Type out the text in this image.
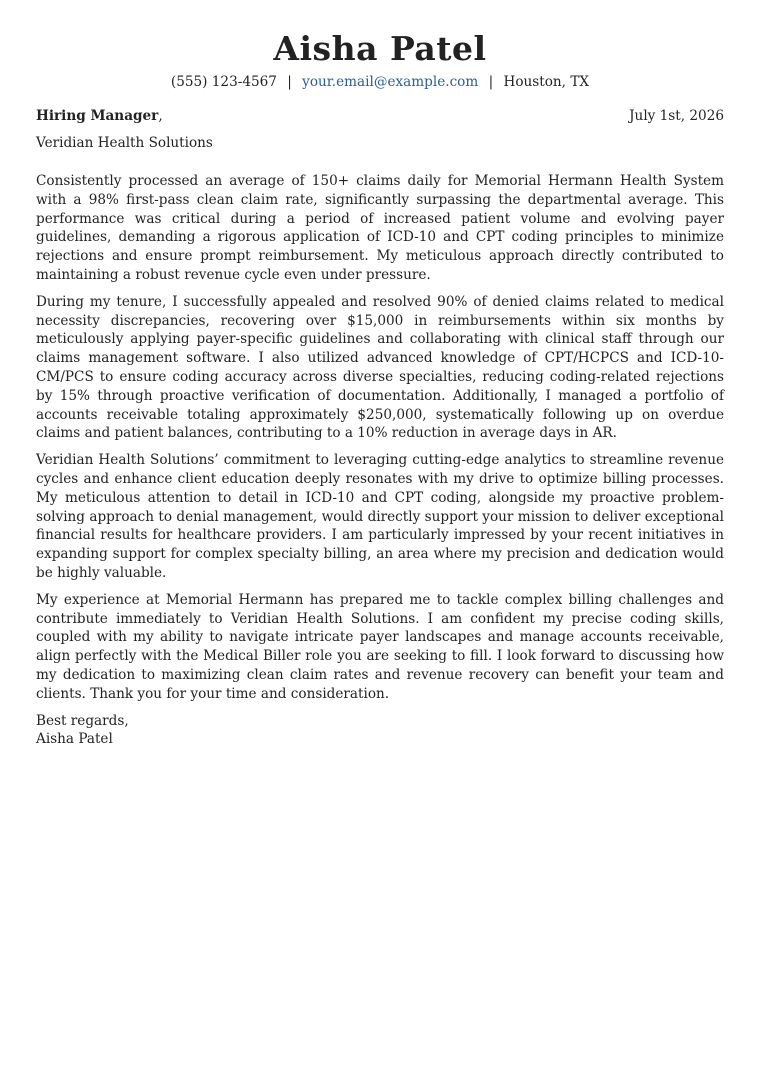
Aisha Patel
(555) 123-4567 | your.email@example.com | Houston, TX
Hiring Manager,	July 1st, 2026
Veridian Health Solutions

Consistently processed an average of 150+ claims daily for Memorial Hermann Health System with a 98% first-pass clean claim rate, significantly surpassing the departmental average. This performance was critical during a period of increased patient volume and evolving payer guidelines, demanding a rigorous application of ICD-10 and CPT coding principles to minimize rejections and ensure prompt reimbursement. My meticulous approach directly contributed to maintaining a robust revenue cycle even under pressure.

During my tenure, I successfully appealed and resolved 90% of denied claims related to medical necessity discrepancies, recovering over $15,000 in reimbursements within six months by meticulously applying payer-specific guidelines and collaborating with clinical staff through our claims management software. I also utilized advanced knowledge of CPT/HCPCS and ICD-10-CM/PCS to ensure coding accuracy across diverse specialties, reducing coding-related rejections by 15% through proactive verification of documentation. Additionally, I managed a portfolio of accounts receivable totaling approximately $250,000, systematically following up on overdue claims and patient balances, contributing to a 10% reduction in average days in AR.

Veridian Health Solutions’ commitment to leveraging cutting-edge analytics to streamline revenue cycles and enhance client education deeply resonates with my drive to optimize billing processes. My meticulous attention to detail in ICD-10 and CPT coding, alongside my proactive problem-solving approach to denial management, would directly support your mission to deliver exceptional financial results for healthcare providers. I am particularly impressed by your recent initiatives in expanding support for complex specialty billing, an area where my precision and dedication would be highly valuable.

My experience at Memorial Hermann has prepared me to tackle complex billing challenges and contribute immediately to Veridian Health Solutions. I am confident my precise coding skills, coupled with my ability to navigate intricate payer landscapes and manage accounts receivable, align perfectly with the Medical Biller role you are seeking to fill. I look forward to discussing how my dedication to maximizing clean claim rates and revenue recovery can benefit your team and clients. Thank you for your time and consideration.

Best regards,
Aisha Patel
